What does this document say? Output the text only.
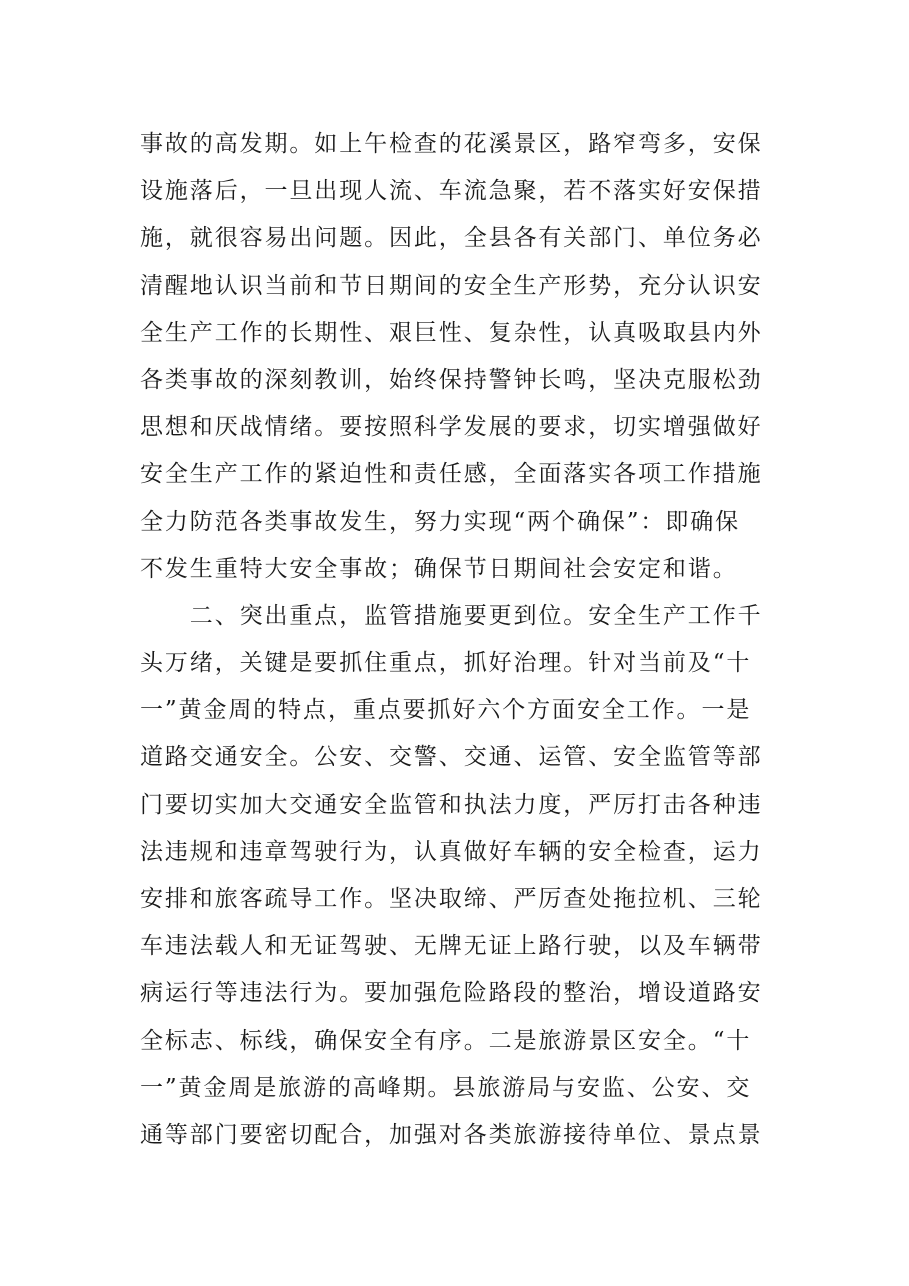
事故的高发期。如上午检查的花溪景区，路窄弯多，安保
设施落后，一旦出现人流、车流急聚，若不落实好安保措
施，就很容易出问题。因此，全县各有关部门、单位务必
清醒地认识当前和节日期间的安全生产形势，充分认识安
全生产工作的长期性、艰巨性、复杂性，认真吸取县内外
各类事故的深刻教训，始终保持警钟长鸣，坚决克服松劲
思想和厌战情绪。要按照科学发展的要求，切实增强做好
安全生产工作的紧迫性和责任感，全面落实各项工作措施
全力防范各类事故发生，努力实现“两个确保”：即确保
不发生重特大安全事故；确保节日期间社会安定和谐。
　　二、突出重点，监管措施要更到位。安全生产工作千
头万绪，关键是要抓住重点，抓好治理。针对当前及“十
一”黄金周的特点，重点要抓好六个方面安全工作。一是
道路交通安全。公安、交警、交通、运管、安全监管等部
门要切实加大交通安全监管和执法力度，严厉打击各种违
法违规和违章驾驶行为，认真做好车辆的安全检查，运力
安排和旅客疏导工作。坚决取缔、严厉查处拖拉机、三轮
车违法载人和无证驾驶、无牌无证上路行驶，以及车辆带
病运行等违法行为。要加强危险路段的整治，增设道路安
全标志、标线，确保安全有序。二是旅游景区安全。“十
一”黄金周是旅游的高峰期。县旅游局与安监、公安、交
通等部门要密切配合，加强对各类旅游接待单位、景点景
